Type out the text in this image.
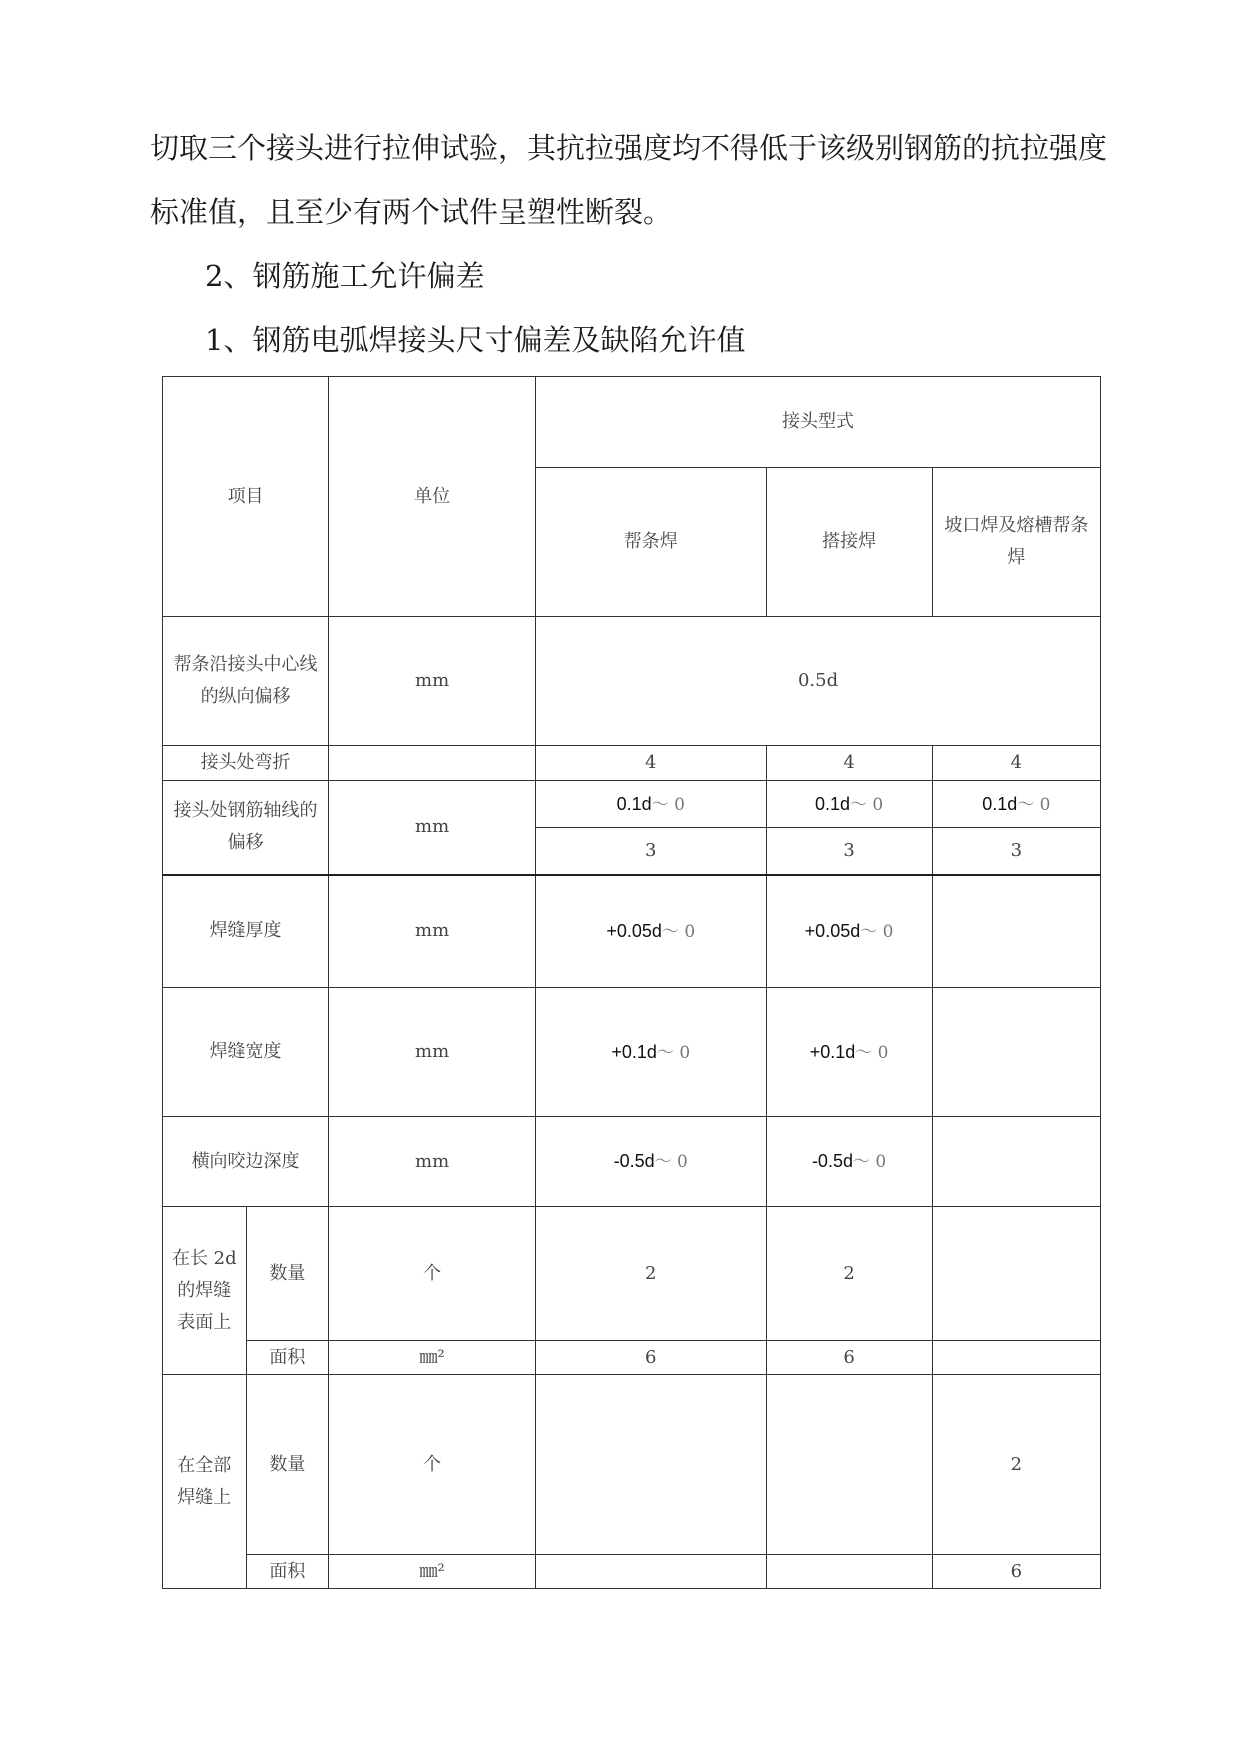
切取三个接头进行拉伸试验，其抗拉强度均不得低于该级别钢筋的抗拉强度
标准值，且至少有两个试件呈塑性断裂。
2、钢筋施工允许偏差
1、钢筋电弧焊接头尺寸偏差及缺陷允许值
项目		单位	接头型式		
			帮条焊	搭接焊	坡口焊及熔槽帮条焊
帮条沿接头中心线的纵向偏移		mm	0.5d		
接头处弯折			4	4	4
接头处钢筋轴线的偏移		mm	0.1d～ 0	0.1d～ 0	0.1d～ 0
			3	3	3
焊缝厚度		mm	+0.05d～ 0	+0.05d～ 0	
焊缝宽度		mm	+0.1d～ 0	+0.1d～ 0	
横向咬边深度		mm	-0.5d～ 0	-0.5d～ 0	
在长 2d 的焊缝表面上	数量	个	2	2	
	面积	㎜²	6	6	
在全部焊缝上	数量	个			2
	面积	㎜²			6
